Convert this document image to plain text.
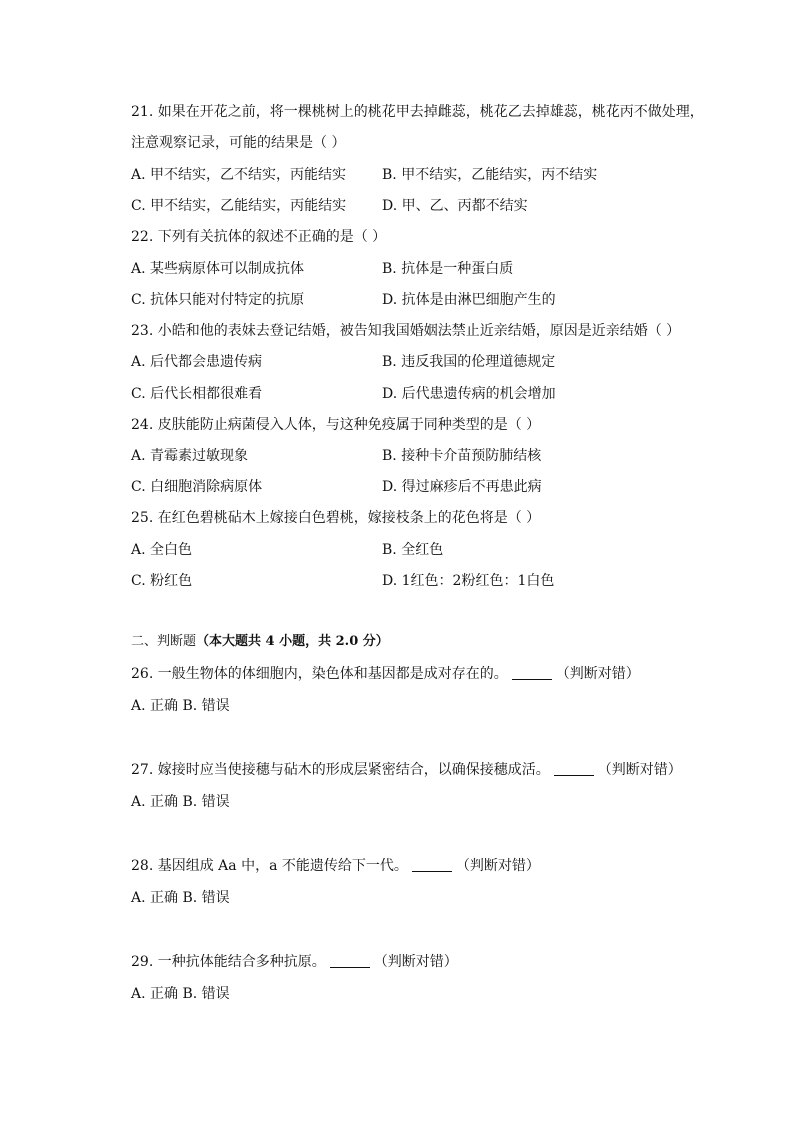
21. 如果在开花之前，将一棵桃树上的桃花甲去掉雌蕊，桃花乙去掉雄蕊，桃花丙不做处理，
注意观察记录，可能的结果是（ ）
A. 甲不结实，乙不结实，丙能结实	B. 甲不结实，乙能结实，丙不结实
C. 甲不结实，乙能结实，丙能结实	D. 甲、乙、丙都不结实
22. 下列有关抗体的叙述不正确的是（ ）
A. 某些病原体可以制成抗体	B. 抗体是一种蛋白质
C. 抗体只能对付特定的抗原	D. 抗体是由淋巴细胞产生的
23. 小皓和他的表妹去登记结婚，被告知我国婚姻法禁止近亲结婚，原因是近亲结婚（ ）
A. 后代都会患遗传病	B. 违反我国的伦理道德规定
C. 后代长相都很难看	D. 后代患遗传病的机会增加
24. 皮肤能防止病菌侵入人体，与这种免疫属于同种类型的是（ ）
A. 青霉素过敏现象	B. 接种卡介苗预防肺结核
C. 白细胞消除病原体	D. 得过麻疹后不再患此病
25. 在红色碧桃砧木上嫁接白色碧桃，嫁接枝条上的花色将是（ ）
A. 全白色	B. 全红色
C. 粉红色	D. 1红色：2粉红色：1白色
二、判断题（本大题共 4 小题，共 2.0 分）
26. 一般生物体的体细胞内，染色体和基因都是成对存在的。	（判断对错）
A. 正确 B. 错误
27. 嫁接时应当使接穗与砧木的形成层紧密结合，以确保接穗成活。	（判断对错）
A. 正确 B. 错误
28. 基因组成 Aa 中，a 不能遗传给下一代。	（判断对错）
A. 正确 B. 错误
29. 一种抗体能结合多种抗原。	（判断对错）
A. 正确 B. 错误
